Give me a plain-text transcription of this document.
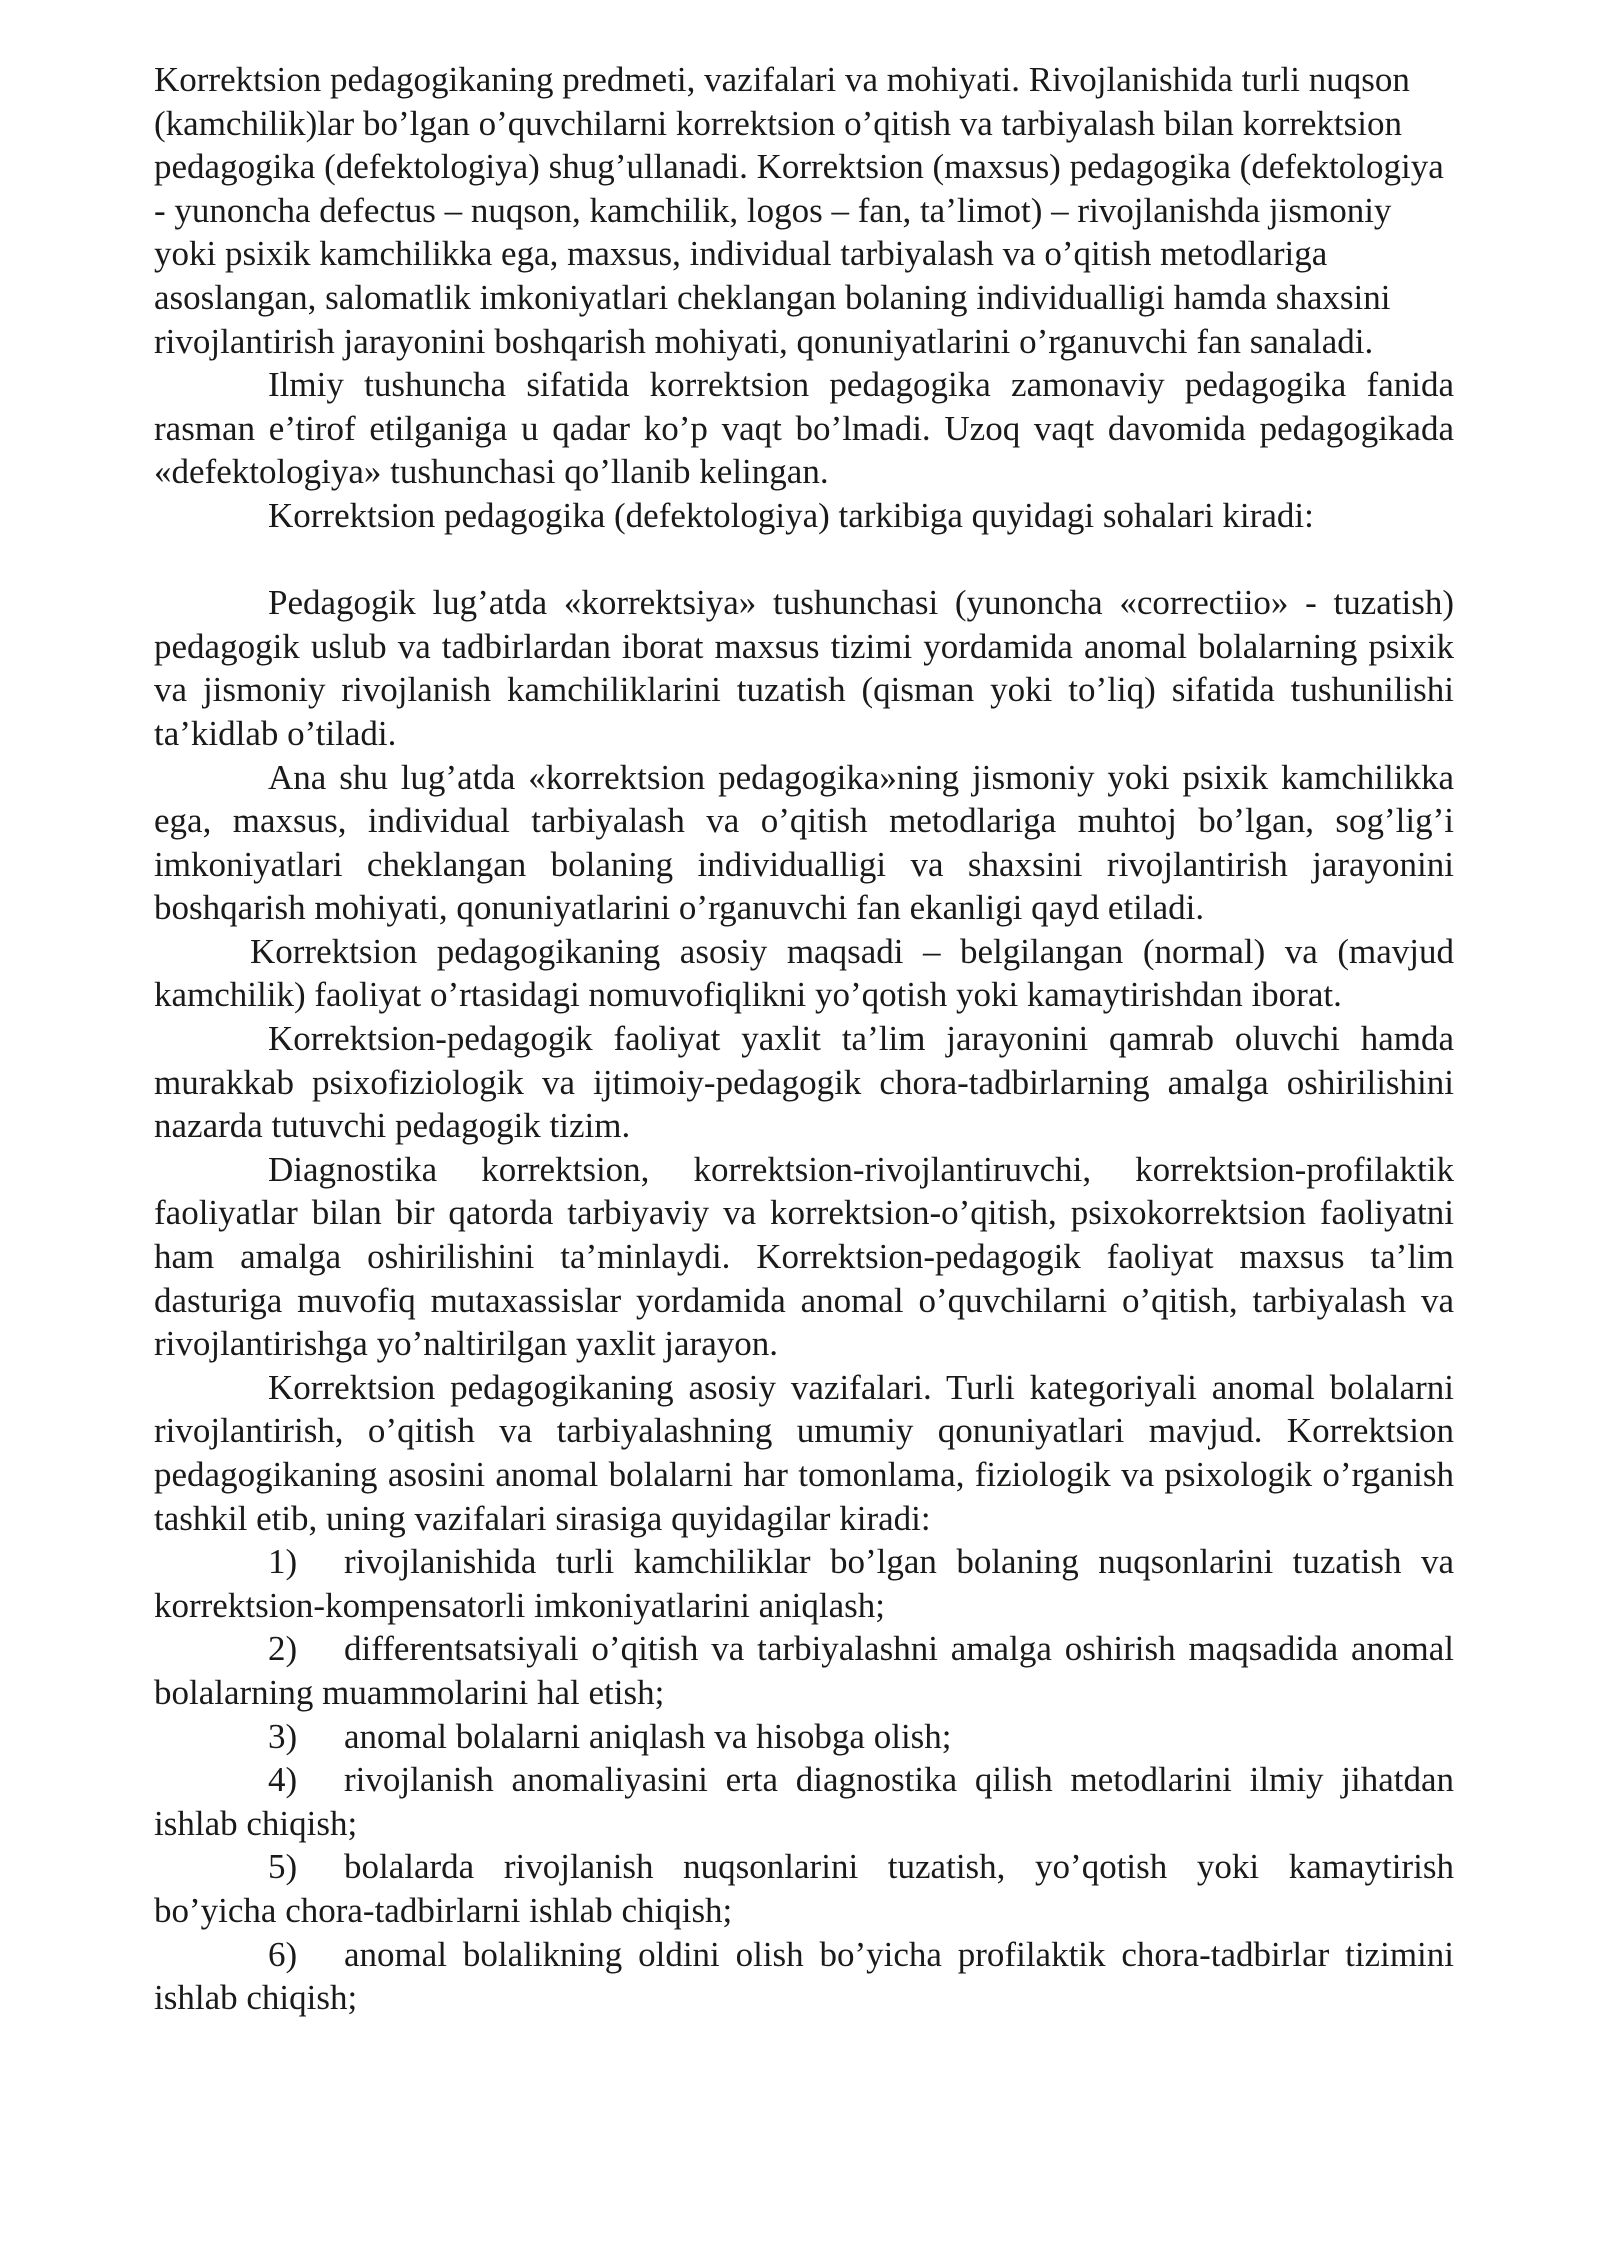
Korrektsion pedagogikaning predmeti, vazifalari va mohiyati. Rivojlanishida turli nuqson (kamchilik)lar bo’lgan o’quvchilarni korrektsion o’qitish va tarbiyalash bilan korrektsion pedagogika (defektologiya) shug’ullanadi. Korrektsion (maxsus) pedagogika (defektologiya - yunoncha defectus – nuqson, kamchilik, logos – fan, ta’limot) – rivojlanishda jismoniy yoki psixik kamchilikka ega, maxsus, individual tarbiyalash va o’qitish metodlariga asoslangan, salomatlik imkoniyatlari cheklangan bolaning individualligi hamda shaxsini rivojlantirish jarayonini boshqarish mohiyati, qonuniyatlarini o’rganuvchi fan sanaladi.

Ilmiy tushuncha sifatida korrektsion pedagogika zamonaviy pedagogika fanida rasman e’tirof etilganiga u qadar ko’p vaqt bo’lmadi. Uzoq vaqt davomida pedagogikada «defektologiya» tushunchasi qo’llanib kelingan.

Korrektsion pedagogika (defektologiya) tarkibiga quyidagi sohalari kiradi:

Pedagogik lug’atda «korrektsiya» tushunchasi (yunoncha «correctiio» - tuzatish) pedagogik uslub va tadbirlardan iborat maxsus tizimi yordamida anomal bolalarning psixik va jismoniy rivojlanish kamchiliklarini tuzatish (qisman yoki to’liq) sifatida tushunilishi ta’kidlab o’tiladi.

Ana shu lug’atda «korrektsion pedagogika»ning jismoniy yoki psixik kamchilikka ega, maxsus, individual tarbiyalash va o’qitish metodlariga muhtoj bo’lgan, sog’lig’i imkoniyatlari cheklangan bolaning individualligi va shaxsini rivojlantirish jarayonini boshqarish mohiyati, qonuniyatlarini o’rganuvchi fan ekanligi qayd etiladi.

Korrektsion pedagogikaning asosiy maqsadi – belgilangan (normal) va (mavjud kamchilik) faoliyat o’rtasidagi nomuvofiqlikni yo’qotish yoki kamaytirishdan iborat.

Korrektsion-pedagogik faoliyat yaxlit ta’lim jarayonini qamrab oluvchi hamda murakkab psixofiziologik va ijtimoiy-pedagogik chora-tadbirlarning amalga oshirilishini nazarda tutuvchi pedagogik tizim.

Diagnostika korrektsion, korrektsion-rivojlantiruvchi, korrektsion-profilaktik faoliyatlar bilan bir qatorda tarbiyaviy va korrektsion-o’qitish, psixokorrektsion faoliyatni ham amalga oshirilishini ta’minlaydi. Korrektsion-pedagogik faoliyat maxsus ta’lim dasturiga muvofiq mutaxassislar yordamida anomal o’quvchilarni o’qitish, tarbiyalash va rivojlantirishga yo’naltirilgan yaxlit jarayon.

Korrektsion pedagogikaning asosiy vazifalari. Turli kategoriyali anomal bolalarni rivojlantirish, o’qitish va tarbiyalashning umumiy qonuniyatlari mavjud. Korrektsion pedagogikaning asosini anomal bolalarni har tomonlama, fiziologik va psixologik o’rganish tashkil etib, uning vazifalari sirasiga quyidagilar kiradi:

1) rivojlanishida turli kamchiliklar bo’lgan bolaning nuqsonlarini tuzatish va korrektsion-kompensatorli imkoniyatlarini aniqlash;

2) differentsatsiyali o’qitish va tarbiyalashni amalga oshirish maqsadida anomal bolalarning muammolarini hal etish;

3) anomal bolalarni aniqlash va hisobga olish;

4) rivojlanish anomaliyasini erta diagnostika qilish metodlarini ilmiy jihatdan ishlab chiqish;

5) bolalarda rivojlanish nuqsonlarini tuzatish, yo’qotish yoki kamaytirish bo’yicha chora-tadbirlarni ishlab chiqish;

6) anomal bolalikning oldini olish bo’yicha profilaktik chora-tadbirlar tizimini ishlab chiqish;
